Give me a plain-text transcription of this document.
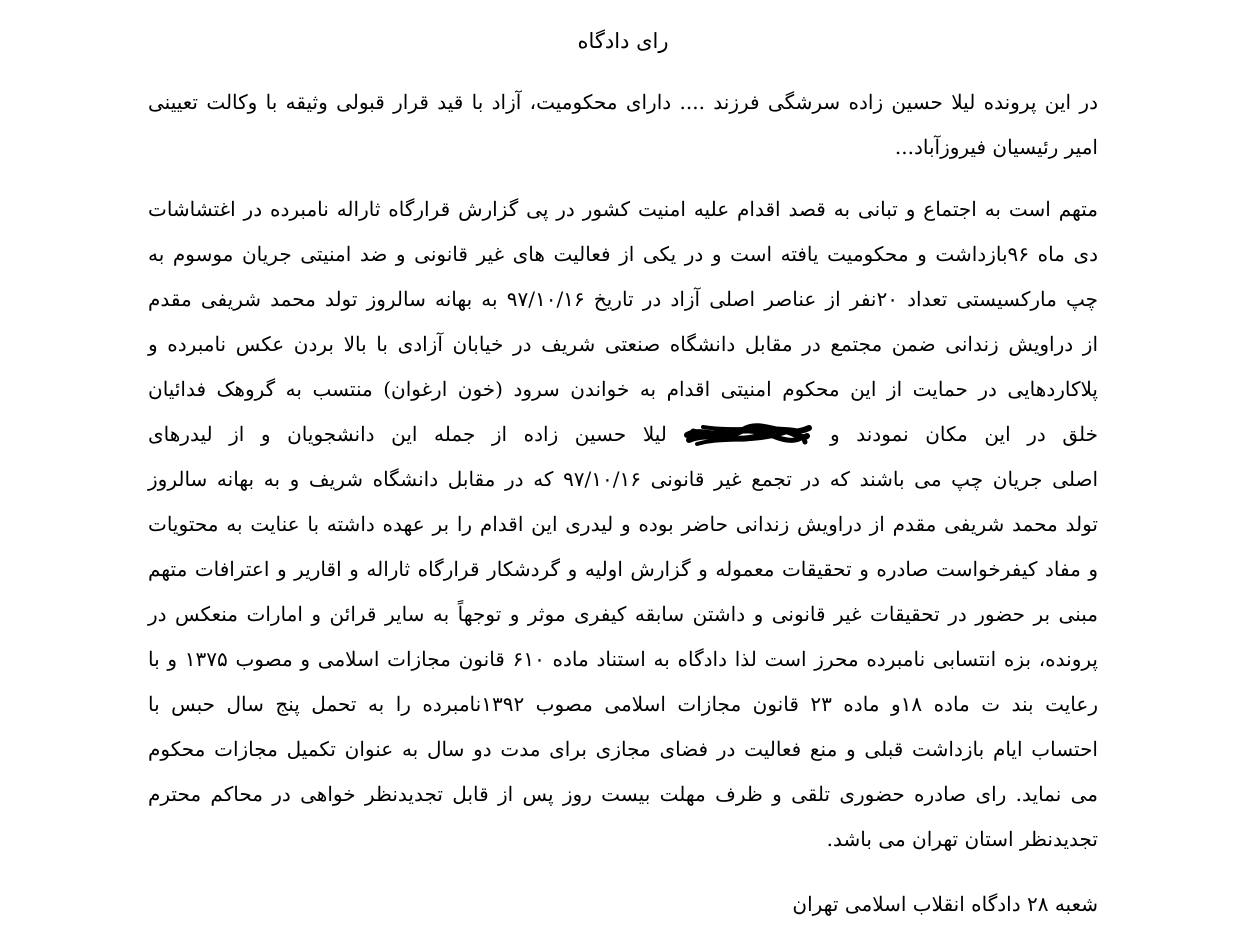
رای دادگاه
در این پرونده لیلا حسین زاده سرشگی فرزند .... دارای محکومیت، آزاد با قید قرار قبولی وثیقه با وکالت تعیینی
امیر رئیسیان فیروزآباد...
متهم است به اجتماع و تبانی به قصد اقدام علیه امنیت کشور در پی گزارش قرارگاه ثاراله نامبرده در اغتشاشات
دی ماه ۹۶بازداشت و محکومیت یافته است و در یکی از فعالیت های غیر قانونی و ضد امنیتی جریان موسوم به
چپ مارکسیستی تعداد ۲۰نفر از عناصر اصلی آزاد در تاریخ ۹۷/۱۰/۱۶ به بهانه سالروز تولد محمد شریفی مقدم
از دراویش زندانی ضمن مجتمع در مقابل دانشگاه صنعتی شریف در خیابان آزادی با بالا بردن عکس نامبرده و
پلاکاردهایی در حمایت از این محکوم امنیتی اقدام به خواندن سرود (خون ارغوان) منتسب به گروهک فدائیان
خلق در این مکان نمودند و
لیلا حسین زاده از جمله این دانشجویان و از لیدرهای
اصلی جریان چپ می باشند که در تجمع غیر قانونی ۹۷/۱۰/۱۶ که در مقابل دانشگاه شریف و به بهانه سالروز
تولد محمد شریفی مقدم از دراویش زندانی حاضر بوده و لیدری این اقدام را بر عهده داشته با عنایت به محتویات
و مفاد کیفرخواست صادره و تحقیقات معموله و گزارش اولیه و گردشکار قرارگاه ثاراله و اقاریر و اعترافات متهم
مبنی بر حضور در تحقیقات غیر قانونی و داشتن سابقه کیفری موثر و توجهاً به سایر قرائن و امارات منعکس در
پرونده، بزه انتسابی نامبرده محرز است لذا دادگاه به استناد ماده ۶۱۰ قانون مجازات اسلامی و مصوب ۱۳۷۵ و با
رعایت بند ت ماده ۱۸و ماده ۲۳ قانون مجازات اسلامی مصوب ۱۳۹۲نامبرده را به تحمل پنج سال حبس با
احتساب ایام بازداشت قبلی و منع فعالیت در فضای مجازی برای مدت دو سال به عنوان تکمیل مجازات محکوم
می نماید. رای صادره حضوری تلقی و ظرف مهلت بیست روز پس از قابل تجدیدنظر خواهی در محاکم محترم
تجدیدنظر استان تهران می باشد.
شعبه ۲۸ دادگاه انقلاب اسلامی تهران
